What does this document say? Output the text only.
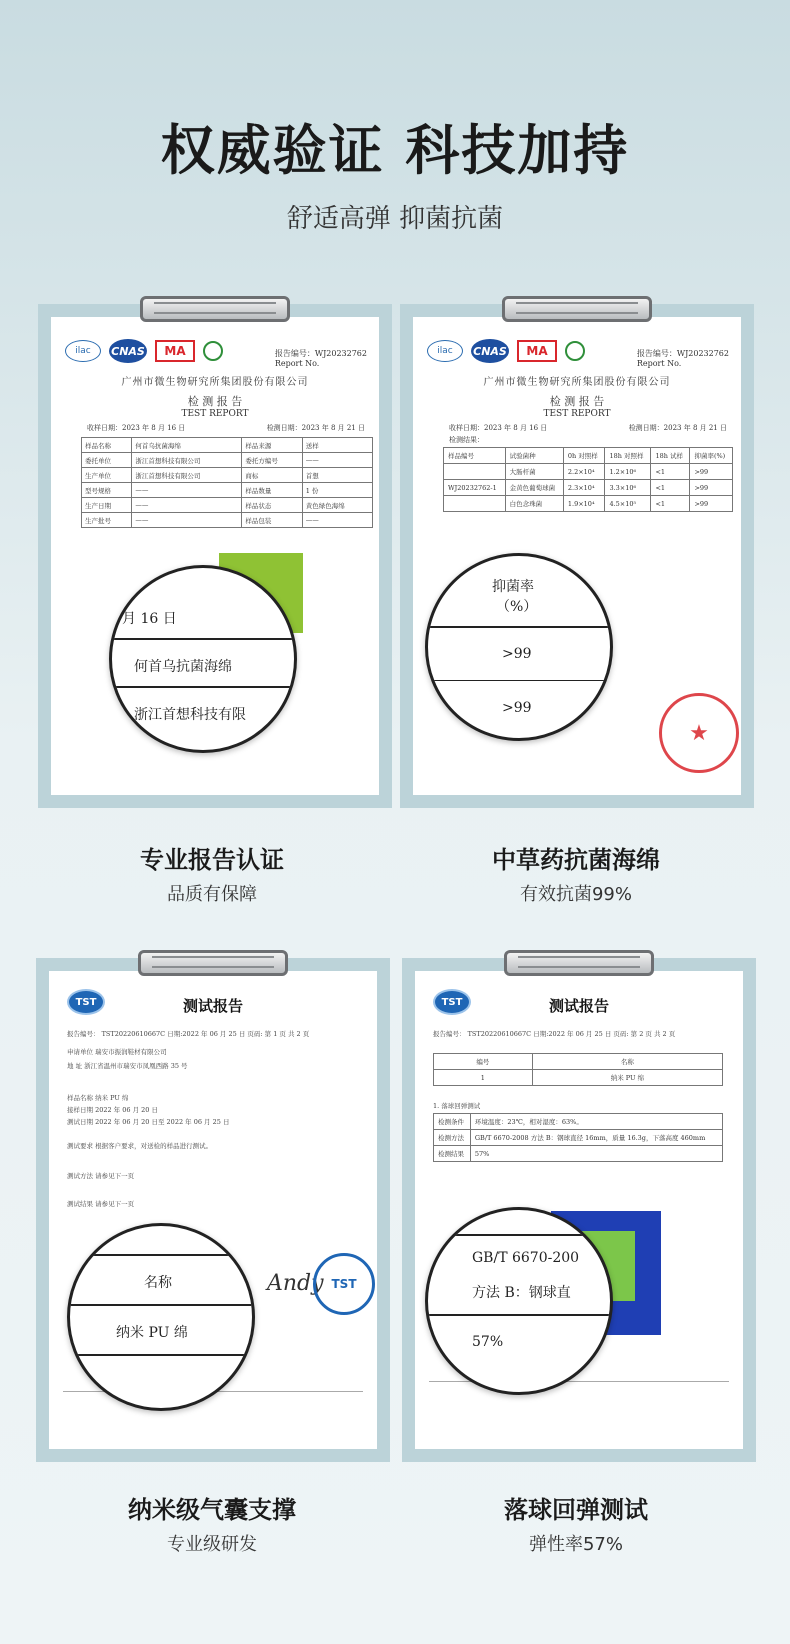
权威验证 科技加持
舒适高弹 抑菌抗菌
ilac	CNAS	MA	报告编号：WJ20232762
Report No.
广州市微生物研究所集团股份有限公司
检 测 报 告
TEST REPORT
收样日期：2023 年 8 月 16 日	检测日期：2023 年 8 月 21 日
样品名称	何首乌抗菌海绵	样品来源	送样
委托单位	浙江首想科技有限公司	委托方编号	——
生产单位	浙江首想科技有限公司	商标	首想
型号规格	——	样品数量	1 份
生产日期	——	样品状态	黄色绿色海绵
生产批号	——	样品包装	——
月 16 日
何首乌抗菌海绵
浙江首想科技有限
ilac	CNAS	MA	报告编号：WJ20232762
Report No.
广州市微生物研究所集团股份有限公司
检 测 报 告
TEST REPORT
收样日期：2023 年 8 月 16 日	检测日期：2023 年 8 月 21 日
检测结果：
样品编号	试验菌种	0h 对照样	18h 对照样	18h 试样	抑菌率(%)
	大肠杆菌	2.2×10⁴	1.2×10⁶	<1	>99
WJ20232762-1	金黄色葡萄球菌	2.3×10⁴	3.3×10⁶	<1	>99
	白色念珠菌	1.9×10⁴	4.5×10⁵	<1	>99
抑菌率
（%）
>99
>99
★
TST	测试报告
报告编号： TST20220610667C 日期:2022 年 06 月 25 日 页码: 第 1 页 共 2 页
申请单位 瑞安市振润鞋材有限公司
地 址 浙江省温州市瑞安市凤凰西路 35 号
样品名称 纳米 PU 绵
接样日期 2022 年 06 月 20 日
测试日期 2022 年 06 月 20 日至 2022 年 06 月 25 日
测试要求 根据客户要求，对送检的样品进行测试。
测试方法 请参见下一页
测试结果 请参见下一页
名称
纳米 PU 绵
Andy TST
TST	测试报告
报告编号： TST20220610667C 日期:2022 年 06 月 25 日 页码: 第 2 页 共 2 页
编号	名称
1	纳米 PU 绵
1. 落球回弹测试
检测条件	环境温度：23℃，相对湿度：63%。
检测方法	GB/T 6670-2008 方法 B：钢球直径 16mm，质量 16.3g，下落高度 460mm
检测结果	57%
GB/T 6670-200
方法 B：钢球直
57%
专业报告认证
品质有保障
中草药抗菌海绵
有效抗菌99%
纳米级气囊支撑
专业级研发
落球回弹测试
弹性率57%
